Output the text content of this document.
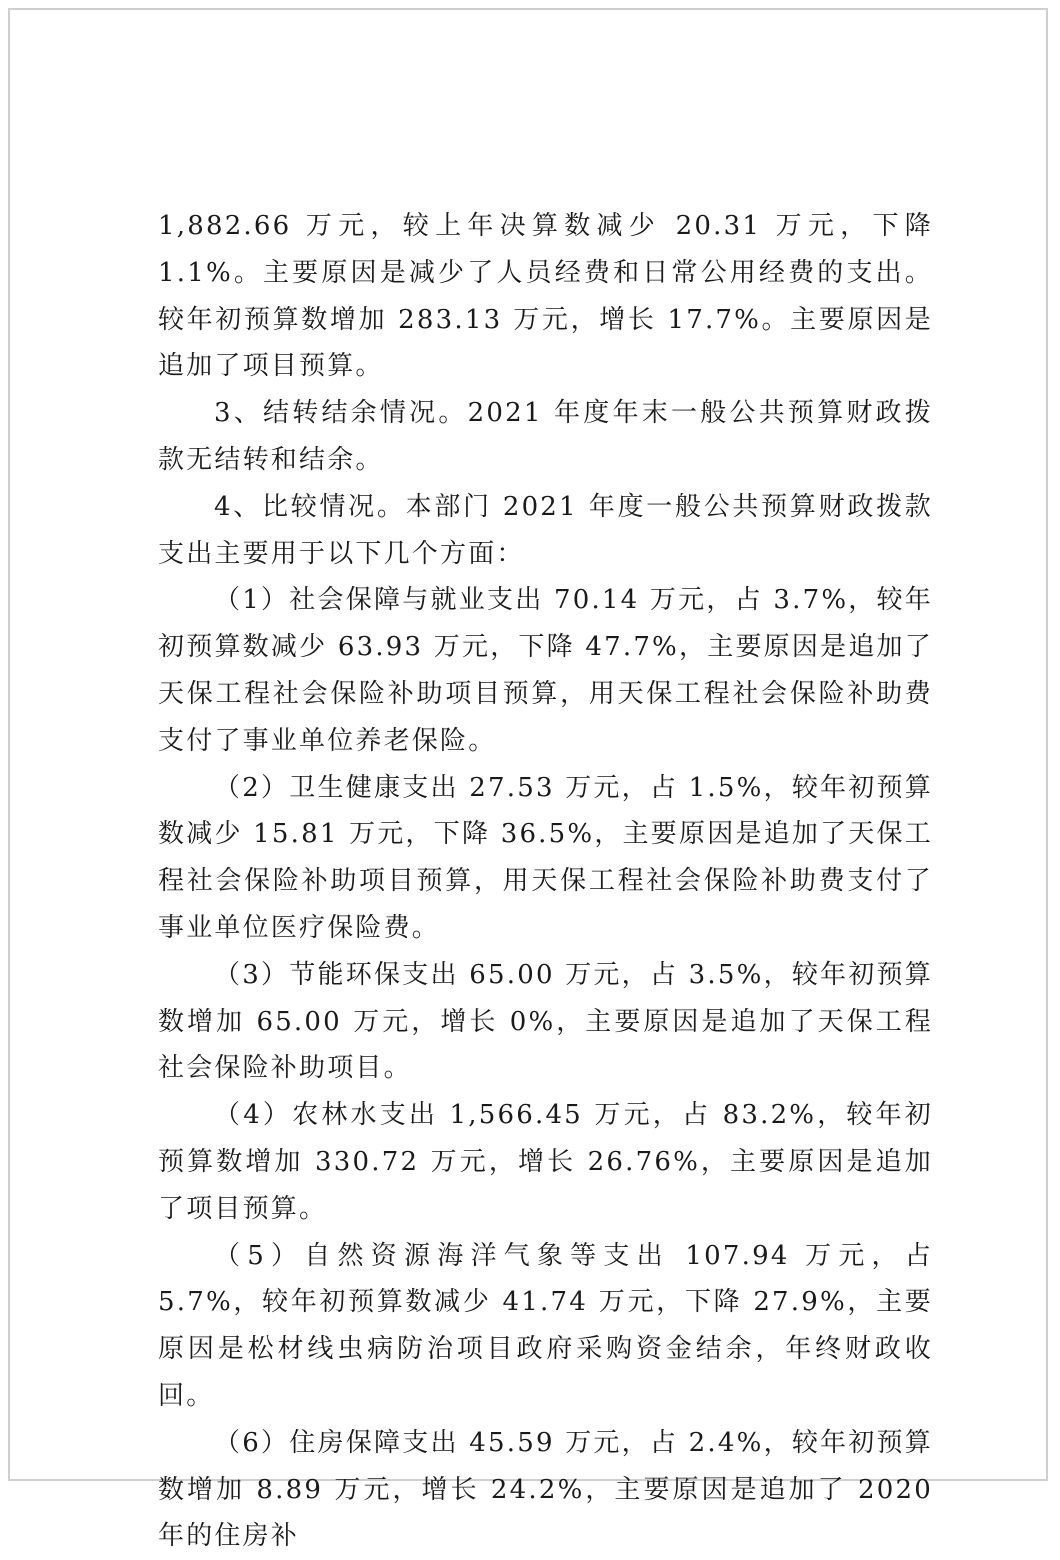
1,882.66 万元，较上年决算数减少 20.31 万元，下降 1.1%。主要原因是减少了人员经费和日常公用经费的支出。较年初预算数增加 283.13 万元，增长 17.7%。主要原因是追加了项目预算。

3、结转结余情况。2021 年度年末一般公共预算财政拨款无结转和结余。

4、比较情况。本部门 2021 年度一般公共预算财政拨款支出主要用于以下几个方面：

（1）社会保障与就业支出 70.14 万元，占 3.7%，较年初预算数减少 63.93 万元，下降 47.7%，主要原因是追加了天保工程社会保险补助项目预算，用天保工程社会保险补助费支付了事业单位养老保险。

（2）卫生健康支出 27.53 万元，占 1.5%，较年初预算数减少 15.81 万元，下降 36.5%，主要原因是追加了天保工程社会保险补助项目预算，用天保工程社会保险补助费支付了事业单位医疗保险费。

（3）节能环保支出 65.00 万元，占 3.5%，较年初预算数增加 65.00 万元，增长 0%，主要原因是追加了天保工程社会保险补助项目。

（4）农林水支出 1,566.45 万元，占 83.2%，较年初预算数增加 330.72 万元，增长 26.76%，主要原因是追加了项目预算。

（5）自然资源海洋气象等支出 107.94 万元，占 5.7%，较年初预算数减少 41.74 万元，下降 27.9%，主要原因是松材线虫病防治项目政府采购资金结余，年终财政收回。

（6）住房保障支出 45.59 万元，占 2.4%，较年初预算数增加 8.89 万元，增长 24.2%，主要原因是追加了 2020 年的住房补
